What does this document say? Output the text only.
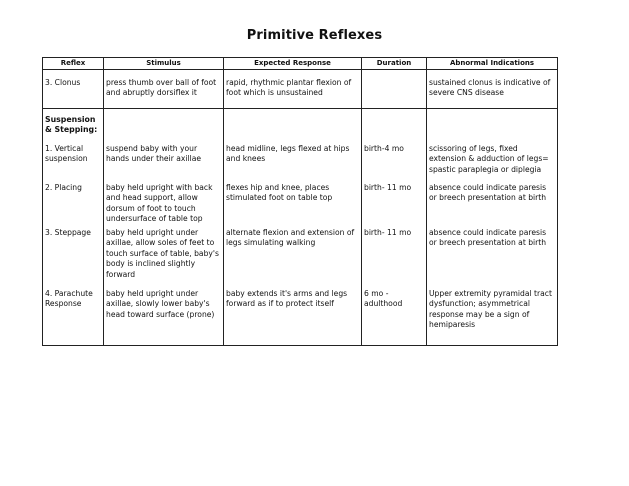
Primitive Reflexes
Reflex	Stimulus	Expected Response	Duration	Abnormal Indications
3. Clonus	press thumb over ball of foot and abruptly dorsiflex it	rapid, rhythmic plantar flexion of foot which is unsustained		sustained clonus is indicative of severe CNS disease
Suspension & Stepping:				
1. Vertical suspension	suspend baby with your hands under their axillae	head midline, legs flexed at hips and knees	birth-4 mo	scissoring of legs, fixed extension & adduction of legs= spastic paraplegia or diplegia
2. Placing	baby held upright with back and head support, allow dorsum of foot to touch undersurface of table top	flexes hip and knee, places stimulated foot on table top	birth- 11 mo	absence could indicate paresis or breech presentation at birth
3. Steppage	baby held upright under axillae, allow soles of feet to touch surface of table, baby's body is inclined slightly forward	alternate flexion and extension of legs simulating walking	birth- 11 mo	absence could indicate paresis or breech presentation at birth
4. Parachute Response	baby held upright under axillae, slowly lower baby's head toward surface (prone)	baby extends it's arms and legs forward as if to protect itself	6 mo - adulthood	Upper extremity pyramidal tract dysfunction; asymmetrical response may be a sign of hemiparesis
